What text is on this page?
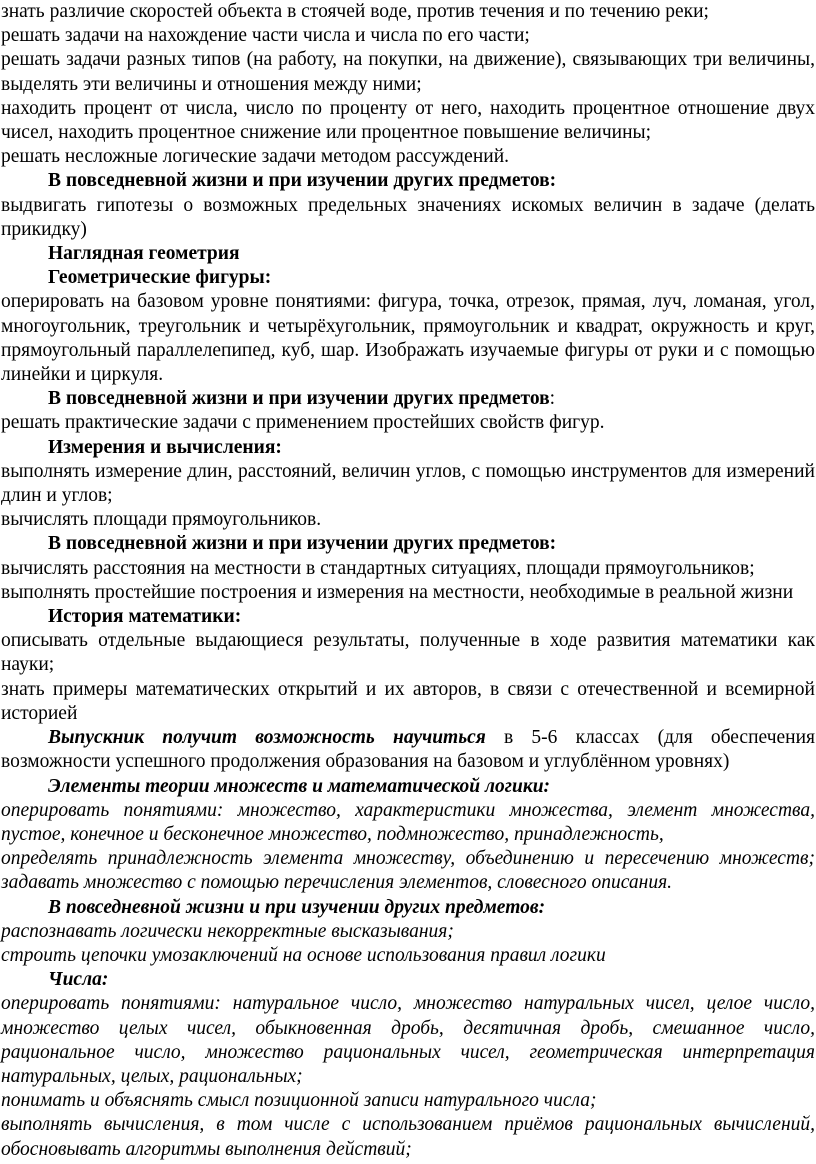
знать различие скоростей объекта в стоячей воде, против течения и по течению реки;

решать задачи на нахождение части числа и числа по его части;

решать задачи разных типов (на работу, на покупки, на движение), связывающих три величины, выделять эти величины и отношения между ними;

находить процент от числа, число по проценту от него, находить процентное отношение двух чисел, находить процентное снижение или процентное повышение величины;

решать несложные логические задачи методом рассуждений.

В повседневной жизни и при изучении других предметов:

выдвигать гипотезы о возможных предельных значениях искомых величин в задаче (делать прикидку)

Наглядная геометрия

Геометрические фигуры:

оперировать на базовом уровне понятиями: фигура, точка, отрезок, прямая, луч, ломаная, угол, многоугольник, треугольник и четырёхугольник, прямоугольник и квадрат, окружность и круг, прямоугольный параллелепипед, куб, шар. Изображать изучаемые фигуры от руки и с помощью линейки и циркуля.

В повседневной жизни и при изучении других предметов:

решать практические задачи с применением простейших свойств фигур.

Измерения и вычисления:

выполнять измерение длин, расстояний, величин углов, с помощью инструментов для измерений длин и углов;

вычислять площади прямоугольников.

В повседневной жизни и при изучении других предметов:

вычислять расстояния на местности в стандартных ситуациях, площади прямоугольников;

выполнять простейшие построения и измерения на местности, необходимые в реальной жизни

История математики:

описывать отдельные выдающиеся результаты, полученные в ходе развития математики как науки;

знать примеры математических открытий и их авторов, в связи с отечественной и всемирной историей

Выпускник получит возможность научиться в 5-6 классах (для обеспечения возможности успешного продолжения образования на базовом и углублённом уровнях)

Элементы теории множеств и математической логики:

оперировать понятиями: множество, характеристики множества, элемент множества, пустое, конечное и бесконечное множество, подмножество, принадлежность,

определять принадлежность элемента множеству, объединению и пересечению множеств; задавать множество с помощью перечисления элементов, словесного описания.

В повседневной жизни и при изучении других предметов:

распознавать логически некорректные высказывания;

строить цепочки умозаключений на основе использования правил логики

Числа:

оперировать понятиями: натуральное число, множество натуральных чисел, целое число, множество целых чисел, обыкновенная дробь, десятичная дробь, смешанное число, рациональное число, множество рациональных чисел, геометрическая интерпретация натуральных, целых, рациональных;

понимать и объяснять смысл позиционной записи натурального числа;

выполнять вычисления, в том числе с использованием приёмов рациональных вычислений, обосновывать алгоритмы выполнения действий;
